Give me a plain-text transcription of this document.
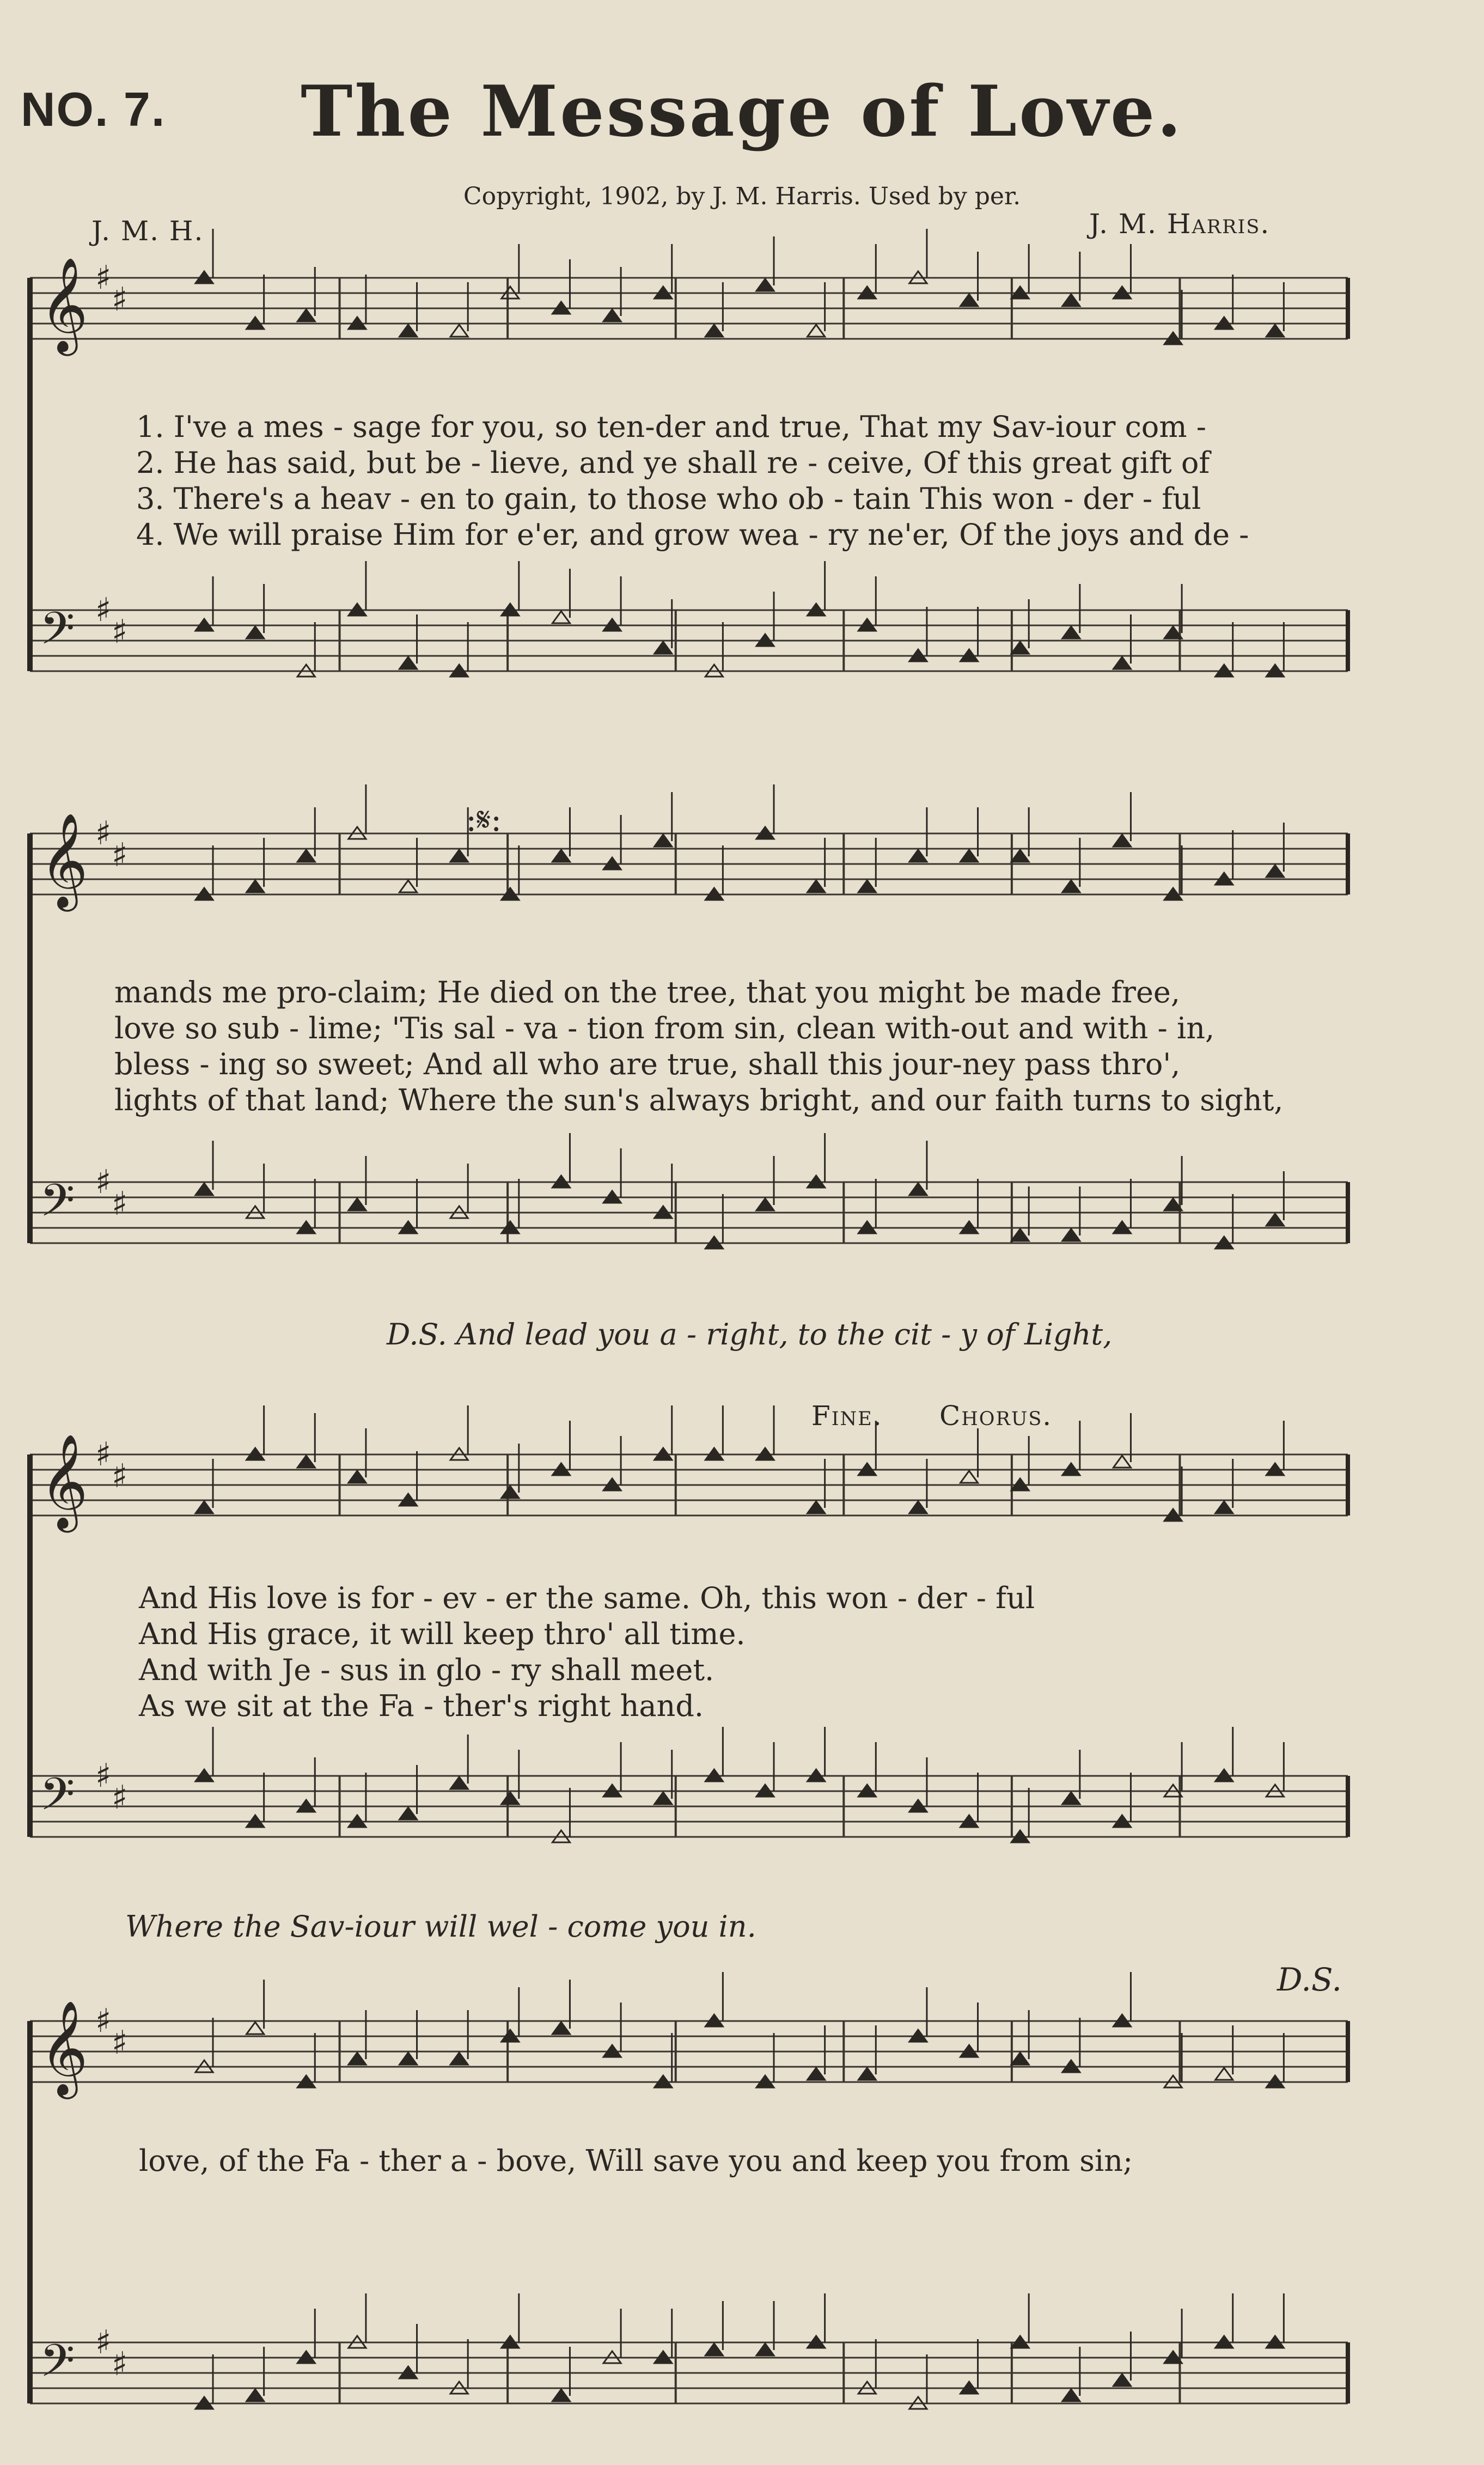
NO. 7.	The Message of Love.
Copyright, 1902, by J. M. Harris. Used by per.
J. M. H.	J. M. Harris.
𝄞 ♯
♯
𝄢 ♯
♯
1. I've a mes - sage for you, so ten-der and true, That my Sav-iour com -
2. He has said, but be - lieve, and ye shall re - ceive, Of this great gift of
3. There's a heav - en to gain, to those who ob - tain This won - der - ful
4. We will praise Him for e'er, and grow wea - ry ne'er, Of the joys and de -
:𝄋:
𝄞 ♯
♯
𝄢 ♯
♯
mands me pro-claim; He died on the tree, that you might be made free,
love so sub - lime; 'Tis sal - va - tion from sin, clean with-out and with - in,
bless - ing so sweet; And all who are true, shall this jour-ney pass thro',
lights of that land; Where the sun's always bright, and our faith turns to sight,
D.S. And lead you a - right, to the cit - y of Light,
Fine. Chorus.
𝄞 ♯
♯
𝄢 ♯
♯
And His love is for - ev - er the same. Oh, this won - der - ful
And His grace, it will keep thro' all time.
And with Je - sus in glo - ry shall meet.
As we sit at the Fa - ther's right hand.
Where the Sav-iour will wel - come you in.
D.S.
𝄞 ♯
♯
𝄢 ♯
♯
love, of the Fa - ther a - bove, Will save you and keep you from sin;
